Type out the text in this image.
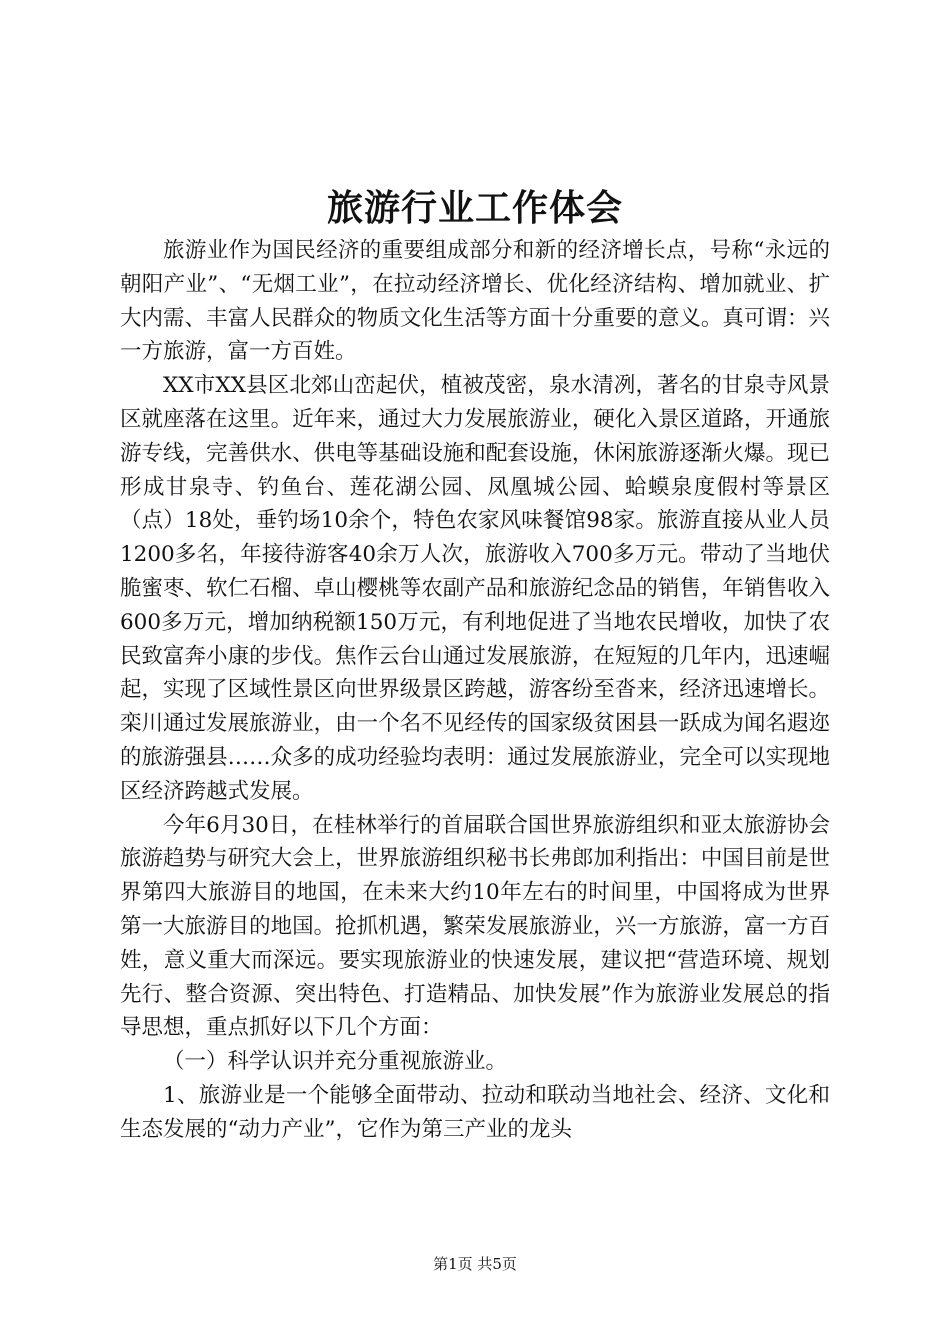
旅游行业工作体会

旅游业作为国民经济的重要组成部分和新的经济增长点，号称“永远的朝阳产业”、“无烟工业”，在拉动经济增长、优化经济结构、增加就业、扩大内需、丰富人民群众的物质文化生活等方面十分重要的意义。真可谓：兴一方旅游，富一方百姓。

XX市XX县区北郊山峦起伏，植被茂密，泉水清冽，著名的甘泉寺风景区就座落在这里。近年来，通过大力发展旅游业，硬化入景区道路，开通旅游专线，完善供水、供电等基础设施和配套设施，休闲旅游逐渐火爆。现已形成甘泉寺、钓鱼台、莲花湖公园、凤凰城公园、蛤蟆泉度假村等景区（点）18处，垂钓场10余个，特色农家风味餐馆98家。旅游直接从业人员1200多名，年接待游客40余万人次，旅游收入700多万元。带动了当地伏脆蜜枣、软仁石榴、卓山樱桃等农副产品和旅游纪念品的销售，年销售收入600多万元，增加纳税额150万元，有利地促进了当地农民增收，加快了农民致富奔小康的步伐。焦作云台山通过发展旅游，在短短的几年内，迅速崛起，实现了区域性景区向世界级景区跨越，游客纷至沓来，经济迅速增长。栾川通过发展旅游业，由一个名不见经传的国家级贫困县一跃成为闻名遐迩的旅游强县……众多的成功经验均表明：通过发展旅游业，完全可以实现地区经济跨越式发展。

今年6月30日，在桂林举行的首届联合国世界旅游组织和亚太旅游协会旅游趋势与研究大会上，世界旅游组织秘书长弗郎加利指出：中国目前是世界第四大旅游目的地国，在未来大约10年左右的时间里，中国将成为世界第一大旅游目的地国。抢抓机遇，繁荣发展旅游业，兴一方旅游，富一方百姓，意义重大而深远。要实现旅游业的快速发展，建议把“营造环境、规划先行、整合资源、突出特色、打造精品、加快发展”作为旅游业发展总的指导思想，重点抓好以下几个方面：

（一）科学认识并充分重视旅游业。

1、旅游业是一个能够全面带动、拉动和联动当地社会、经济、文化和生态发展的“动力产业”，它作为第三产业的龙头

第1页 共5页
